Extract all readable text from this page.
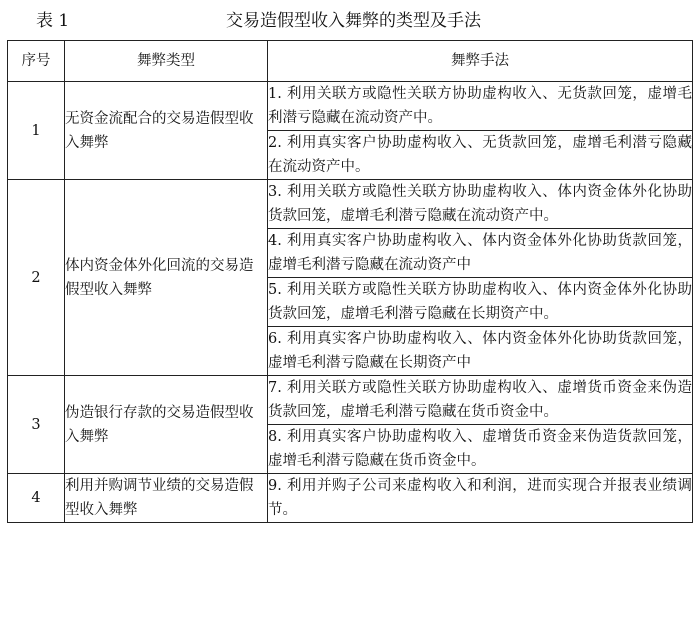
表 1	交易造假型收入舞弊的类型及手法
序号	舞弊类型	舞弊手法
1	无资金流配合的交易造假型收入舞弊	1. 利用关联方或隐性关联方协助虚构收入、无货款回笼，虚增毛利潜亏隐藏在流动资产中。
		2. 利用真实客户协助虚构收入、无货款回笼，虚增毛利潜亏隐藏在流动资产中。
2	体内资金体外化回流的交易造假型收入舞弊	3. 利用关联方或隐性关联方协助虚构收入、体内资金体外化协助货款回笼，虚增毛利潜亏隐藏在流动资产中。
		4. 利用真实客户协助虚构收入、体内资金体外化协助货款回笼，虚增毛利潜亏隐藏在流动资产中
		5. 利用关联方或隐性关联方协助虚构收入、体内资金体外化协助货款回笼，虚增毛利潜亏隐藏在长期资产中。
		6. 利用真实客户协助虚构收入、体内资金体外化协助货款回笼，虚增毛利潜亏隐藏在长期资产中
3	伪造银行存款的交易造假型收入舞弊	7. 利用关联方或隐性关联方协助虚构收入、虚增货币资金来伪造货款回笼，虚增毛利潜亏隐藏在货币资金中。
		8. 利用真实客户协助虚构收入、虚增货币资金来伪造货款回笼，虚增毛利潜亏隐藏在货币资金中。
4	利用并购调节业绩的交易造假型收入舞弊	9. 利用并购子公司来虚构收入和利润，进而实现合并报表业绩调节。
